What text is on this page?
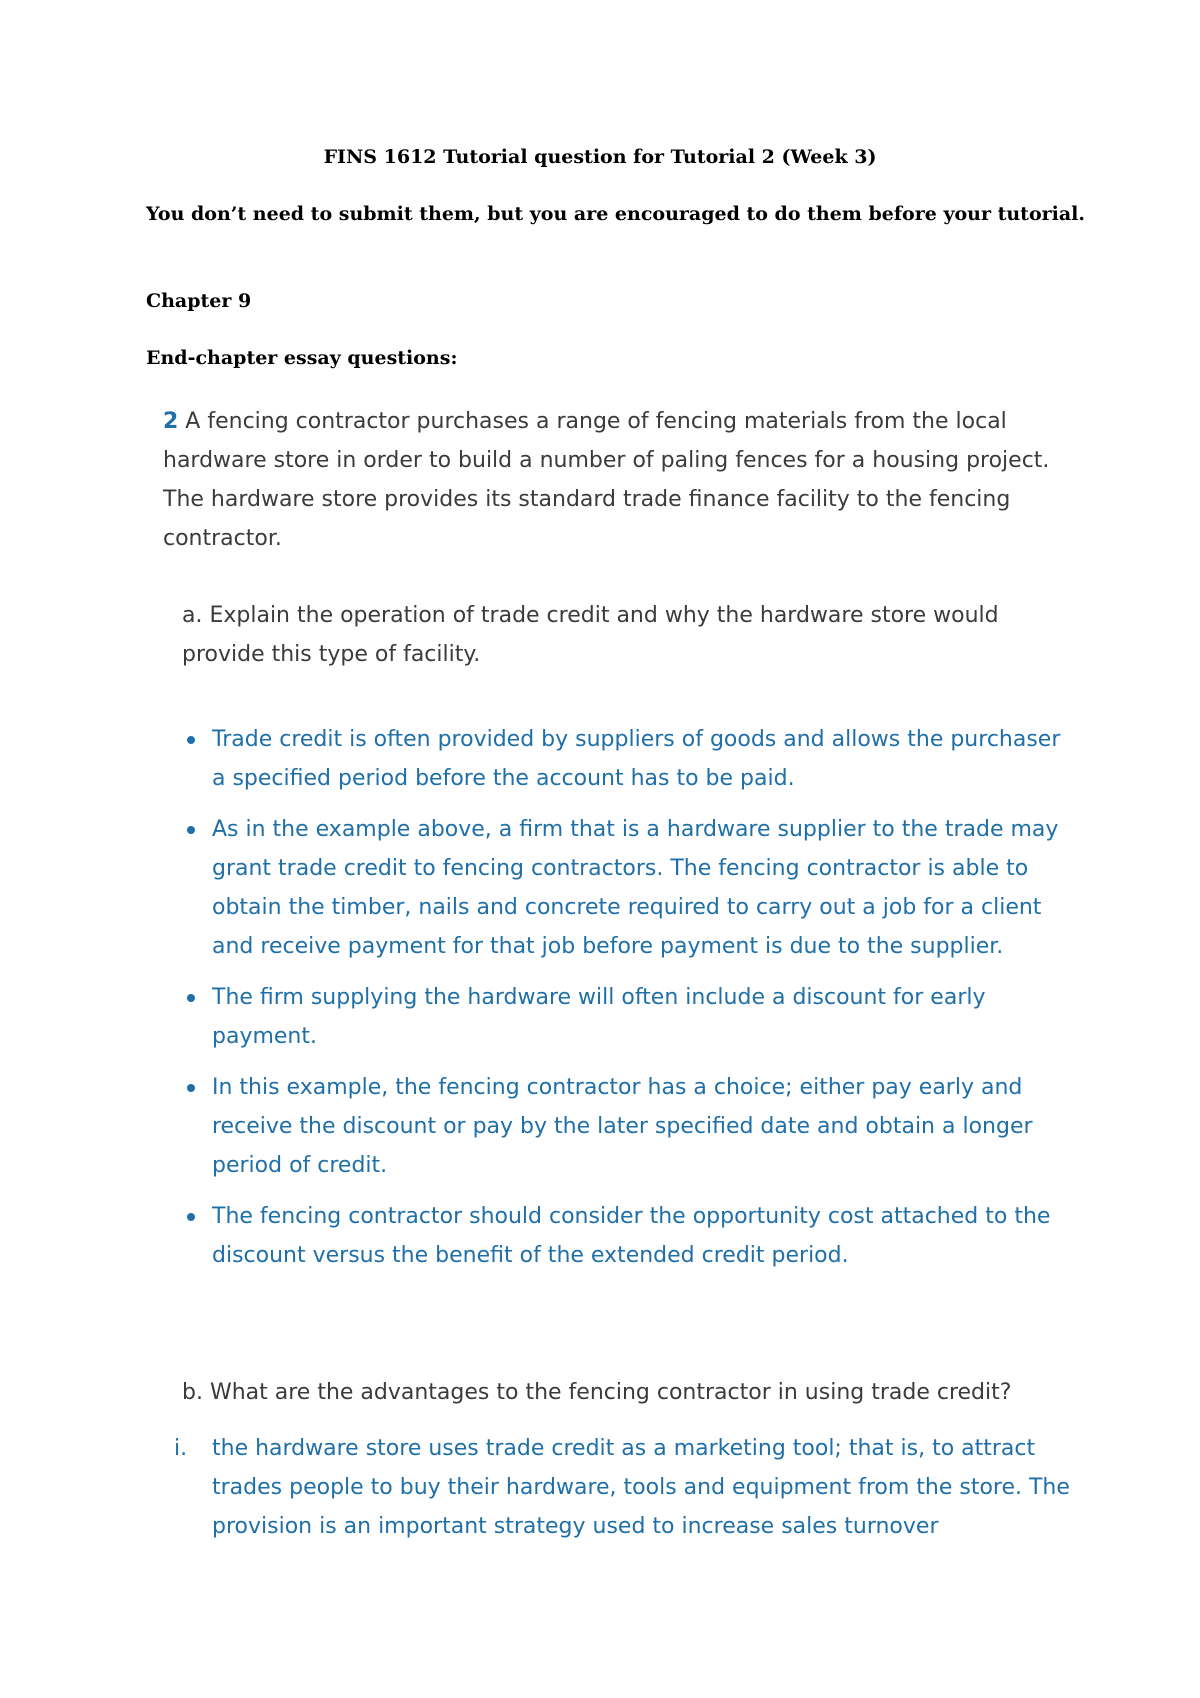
FINS 1612 Tutorial question for Tutorial 2 (Week 3)
You don’t need to submit them, but you are encouraged to do them before your tutorial.
Chapter 9
End-chapter essay questions:
2 A fencing contractor purchases a range of fencing materials from the local hardware store in order to build a number of paling fences for a housing project. The hardware store provides its standard trade finance facility to the fencing contractor.
a. Explain the operation of trade credit and why the hardware store would provide this type of facility.
Trade credit is often provided by suppliers of goods and allows the purchaser a specified period before the account has to be paid.
As in the example above, a firm that is a hardware supplier to the trade may grant trade credit to fencing contractors. The fencing contractor is able to obtain the timber, nails and concrete required to carry out a job for a client and receive payment for that job before payment is due to the supplier.
The firm supplying the hardware will often include a discount for early payment.
In this example, the fencing contractor has a choice; either pay early and receive the discount or pay by the later specified date and obtain a longer period of credit.
The fencing contractor should consider the opportunity cost attached to the discount versus the benefit of the extended credit period.
b. What are the advantages to the fencing contractor in using trade credit?
i. the hardware store uses trade credit as a marketing tool; that is, to attract trades people to buy their hardware, tools and equipment from the store. The provision is an important strategy used to increase sales turnover
